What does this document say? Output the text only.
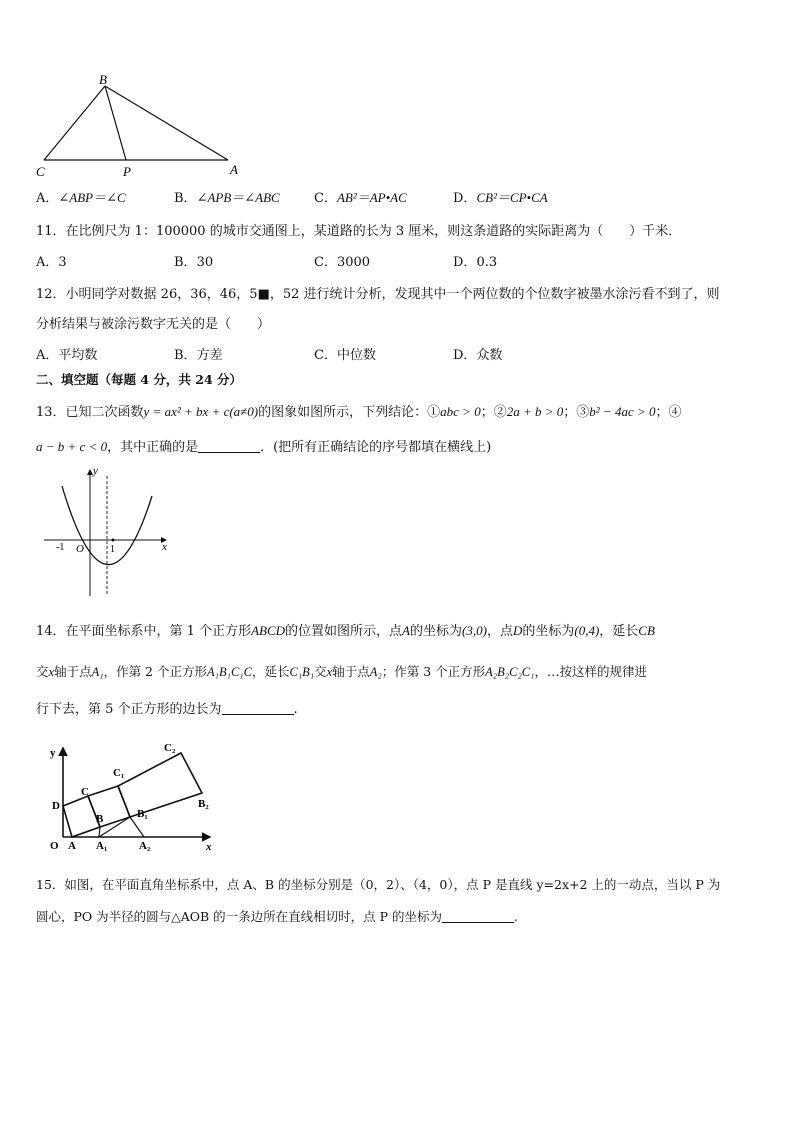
B
C	P	A
A．∠ABP＝∠C	B．∠APB＝∠ABC	C．AB²＝AP•AC	D．CB²＝CP•CA
11．在比例尺为 1：100000 的城市交通图上，某道路的长为 3 厘米，则这条道路的实际距离为（　　）千米．
A．3	B．30	C．3000	D．0.3
12．小明同学对数据 26，36，46，5■，52 进行统计分析，发现其中一个两位数的个位数字被墨水涂污看不到了，则
分析结果与被涂污数字无关的是（　　）
A．平均数	B．方差	C．中位数	D．众数
二、填空题（每题 4 分，共 24 分）
13．已知二次函数y = ax² + bx + c(a≠0)的图象如图所示，下列结论：①abc > 0；②2a + b > 0；③b² − 4ac > 0；④
a − b + c < 0，其中正确的是	．(把所有正确结论的序号都填在横线上)
y
x
O
-1	1
14．在平面坐标系中，第 1 个正方形ABCD的位置如图所示，点A的坐标为(3,0)，点D的坐标为(0,4)，延长CB
交x轴于点A₁，作第 2 个正方形A₁B₁C₁C，延长C₁B₁交x轴于点A₂；作第 3 个正方形A₂B₂C₂C₁，…按这样的规律进
行下去，第 5 个正方形的边长为	.
y
x
O A A₁	A₂
D
C
B
C₁
B₁
C₂
B₂
15．如图，在平面直角坐标系中，点 A、B 的坐标分别是（0，2）、（4，0），点 P 是直线 y=2x+2 上的一动点，当以 P 为
圆心，PO 为半径的圆与△AOB 的一条边所在直线相切时，点 P 的坐标为	.
